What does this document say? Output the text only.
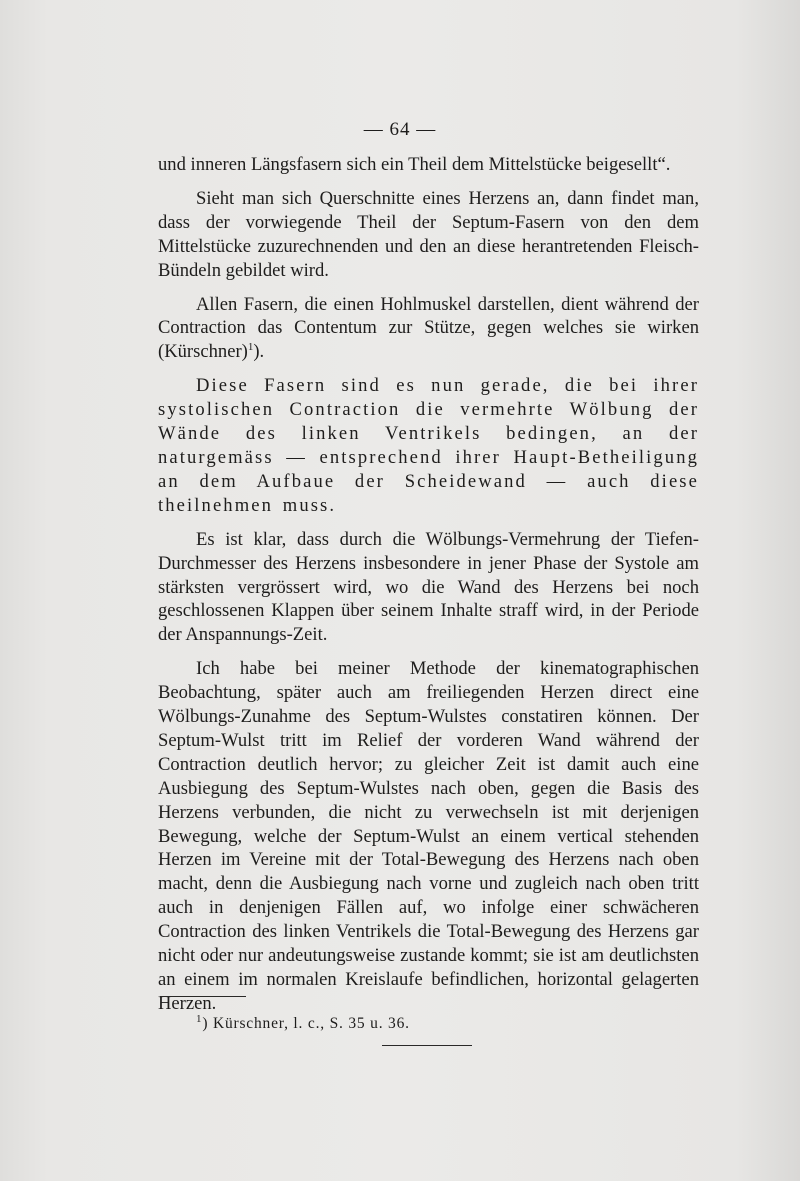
— 64 —

und inneren Längsfasern sich ein Theil dem Mittelstücke beigesellt“.

Sieht man sich Querschnitte eines Herzens an, dann findet man, dass der vorwiegende Theil der Septum-Fasern von den dem Mittelstücke zuzurechnenden und den an diese herantretenden Fleisch-Bündeln gebildet wird.

Allen Fasern, die einen Hohlmuskel darstellen, dient während der Contraction das Contentum zur Stütze, gegen welches sie wirken (Kürschner)$^1$).

Diese Fasern sind es nun gerade, die bei ihrer systolischen Contraction die vermehrte Wölbung der Wände des linken Ventrikels bedingen, an der naturgemäss — entsprechend ihrer Haupt-Betheiligung an dem Aufbaue der Scheidewand — auch diese theilnehmen muss.

Es ist klar, dass durch die Wölbungs-Vermehrung der Tiefen-Durchmesser des Herzens insbesondere in jener Phase der Systole am stärksten vergrössert wird, wo die Wand des Herzens bei noch geschlossenen Klappen über seinem Inhalte straff wird, in der Periode der Anspannungs-Zeit.

Ich habe bei meiner Methode der kinematographischen Beobachtung, später auch am freiliegenden Herzen direct eine Wölbungs-Zunahme des Septum-Wulstes constatiren können. Der Septum-Wulst tritt im Relief der vorderen Wand während der Contraction deutlich hervor; zu gleicher Zeit ist damit auch eine Ausbiegung des Septum-Wulstes nach oben, gegen die Basis des Herzens verbunden, die nicht zu verwechseln ist mit derjenigen Bewegung, welche der Septum-Wulst an einem vertical stehenden Herzen im Vereine mit der Total-Bewegung des Herzens nach oben macht, denn die Ausbiegung nach vorne und zugleich nach oben tritt auch in denjenigen Fällen auf, wo infolge einer schwächeren Contraction des linken Ventrikels die Total-Bewegung des Herzens gar nicht oder nur andeutungsweise zustande kommt; sie ist am deutlichsten an einem im normalen Kreislaufe befindlichen, horizontal gelagerten Herzen.

$^1$) Kürschner, l. c., S. 35 u. 36.
